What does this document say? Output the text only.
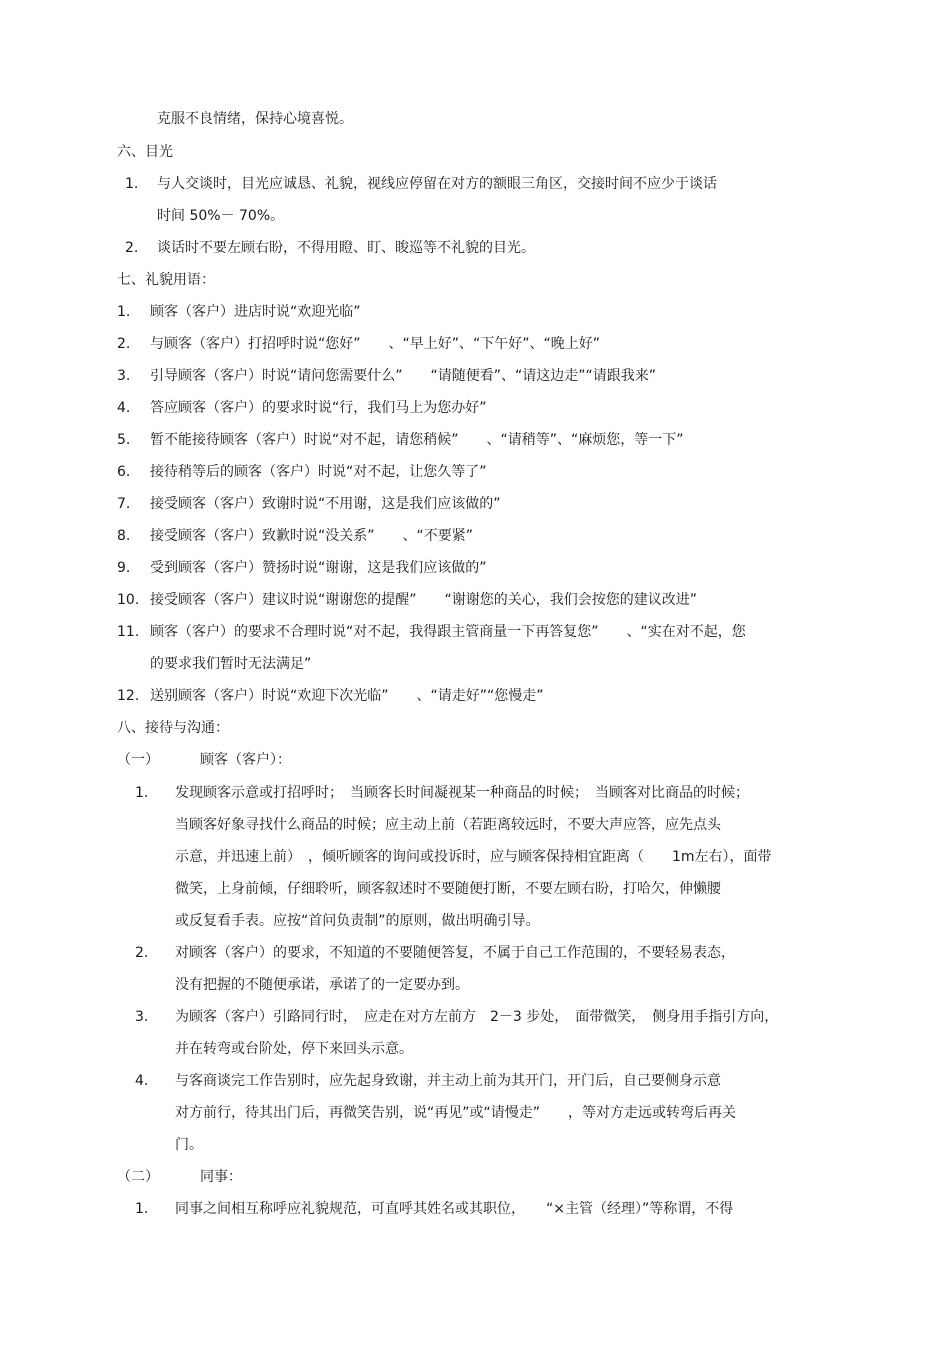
克服不良情绪，保持心境喜悦。
六、目光
与人交谈时，目光应诚恳、礼貌，视线应停留在对方的额眼三角区，交接时间不应少于谈话
时间 50%－ 70%。
谈话时不要左顾右盼，不得用瞪、盯、睃巡等不礼貌的目光。
七、礼貌用语：
顾客（客户）进店时说“欢迎光临”
与顾客（客户）打招呼时说“您好”　　、“早上好”、“下午好”、“晚上好”
引导顾客（客户）时说“请问您需要什么”　　“请随便看”、“请这边走”“请跟我来”
答应顾客（客户）的要求时说“行，我们马上为您办好”
暂不能接待顾客（客户）时说“对不起，请您稍候”　　、“请稍等”、“麻烦您，等一下”
接待稍等后的顾客（客户）时说“对不起，让您久等了”
接受顾客（客户）致谢时说“不用谢，这是我们应该做的”
接受顾客（客户）致歉时说“没关系”　　、“不要紧”
受到顾客（客户）赞扬时说“谢谢，这是我们应该做的”
接受顾客（客户）建议时说“谢谢您的提醒”　　“谢谢您的关心，我们会按您的建议改进”
顾客（客户）的要求不合理时说“对不起，我得跟主管商量一下再答复您”　　、“实在对不起，您
的要求我们暂时无法满足”
送别顾客（客户）时说“欢迎下次光临”　　、“请走好”“您慢走”
八、接待与沟通：
顾客（客户）：
发现顾客示意或打招呼时；　当顾客长时间凝视某一种商品的时候；　当顾客对比商品的时候；
当顾客好象寻找什么商品的时候；应主动上前（若距离较远时，不要大声应答，应先点头
示意，并迅速上前）　，倾听顾客的询问或投诉时，应与顾客保持相宜距离（　　1m左右），面带
微笑，上身前倾，仔细聆听，顾客叙述时不要随便打断，不要左顾右盼，打哈欠，伸懒腰
或反复看手表。应按“首问负责制”的原则，做出明确引导。
对顾客（客户）的要求，不知道的不要随便答复，不属于自己工作范围的，不要轻易表态，
没有把握的不随便承诺，承诺了的一定要办到。
为顾客（客户）引路同行时，　应走在对方左前方　2－3 步处，　面带微笑，　侧身用手指引方向，
并在转弯或台阶处，停下来回头示意。
与客商谈完工作告别时，应先起身致谢，并主动上前为其开门，开门后，自己要侧身示意
对方前行，待其出门后，再微笑告别，说“再见”或“请慢走”　　，等对方走远或转弯后再关
门。
同事：
同事之间相互称呼应礼貌规范，可直呼其姓名或其职位，　　“×主管（经理）”等称谓，不得
1.
2.
1.
2.
3.
4.
5.
6.
7.
8.
9.
10.
11.
12.
（一）
1.
2.
3.
4.
（二）
1.
